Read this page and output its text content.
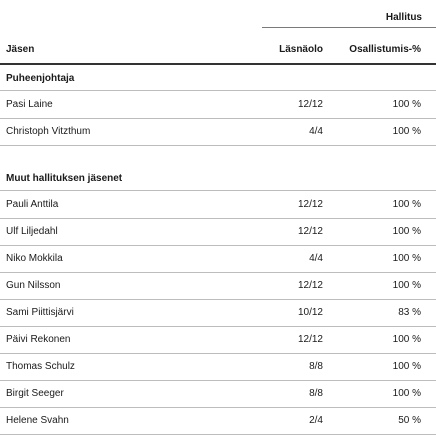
Hallitus
Jäsen	Läsnäolo	Osallistumis-%
Puheenjohtaja
Pasi Laine	12/12	100 %
Christoph Vitzthum	4/4	100 %
Muut hallituksen jäsenet
Pauli Anttila	12/12	100 %
Ulf Liljedahl	12/12	100 %
Niko Mokkila	4/4	100 %
Gun Nilsson	12/12	100 %
Sami Piittisjärvi	10/12	83 %
Päivi Rekonen	12/12	100 %
Thomas Schulz	8/8	100 %
Birgit Seeger	8/8	100 %
Helene Svahn	2/4	50 %
